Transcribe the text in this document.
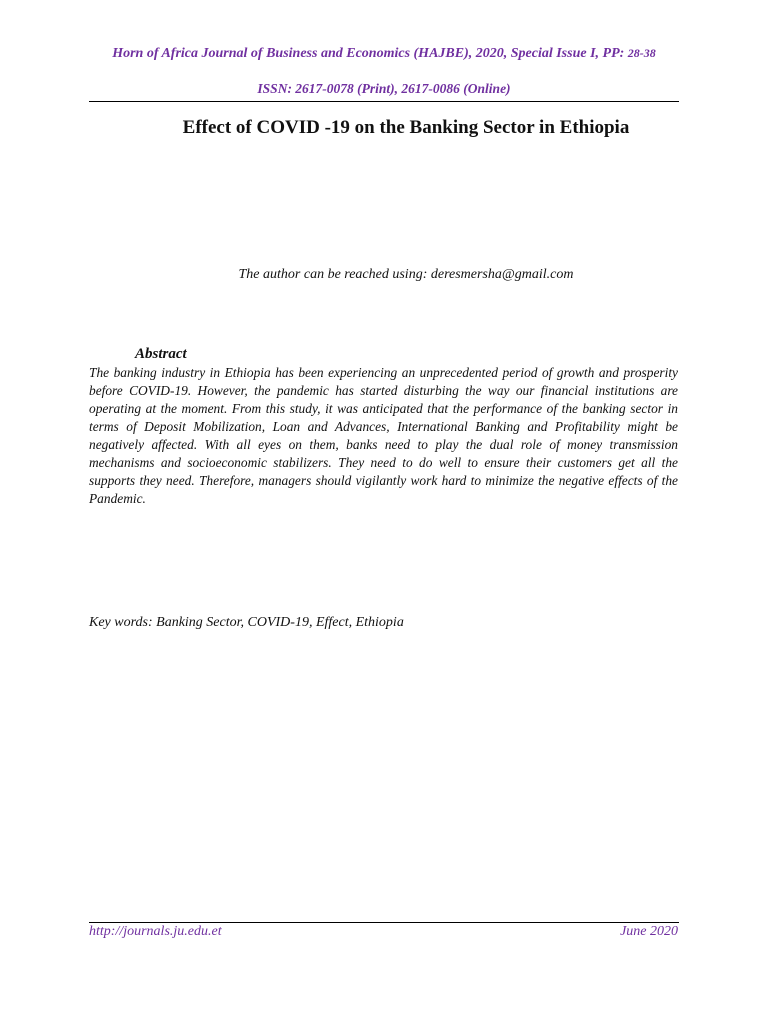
Horn of Africa Journal of Business and Economics (HAJBE), 2020, Special Issue I, PP: 28-38
ISSN: 2617-0078 (Print), 2617-0086 (Online)
Effect of COVID -19 on the Banking Sector in Ethiopia
The author can be reached using: deresmersha@gmail.com
Abstract

The banking industry in Ethiopia has been experiencing an unprecedented period of growth and prosperity before COVID-19. However, the pandemic has started disturbing the way our financial institutions are operating at the moment. From this study, it was anticipated that the performance of the banking sector in terms of Deposit Mobilization, Loan and Advances, International Banking and Profitability might be negatively affected. With all eyes on them, banks need to play the dual role of money transmission mechanisms and socioeconomic stabilizers. They need to do well to ensure their customers get all the supports they need. Therefore, managers should vigilantly work hard to minimize the negative effects of the Pandemic.

Key words: Banking Sector, COVID-19, Effect, Ethiopia
http://journals.ju.edu.et	June 2020
